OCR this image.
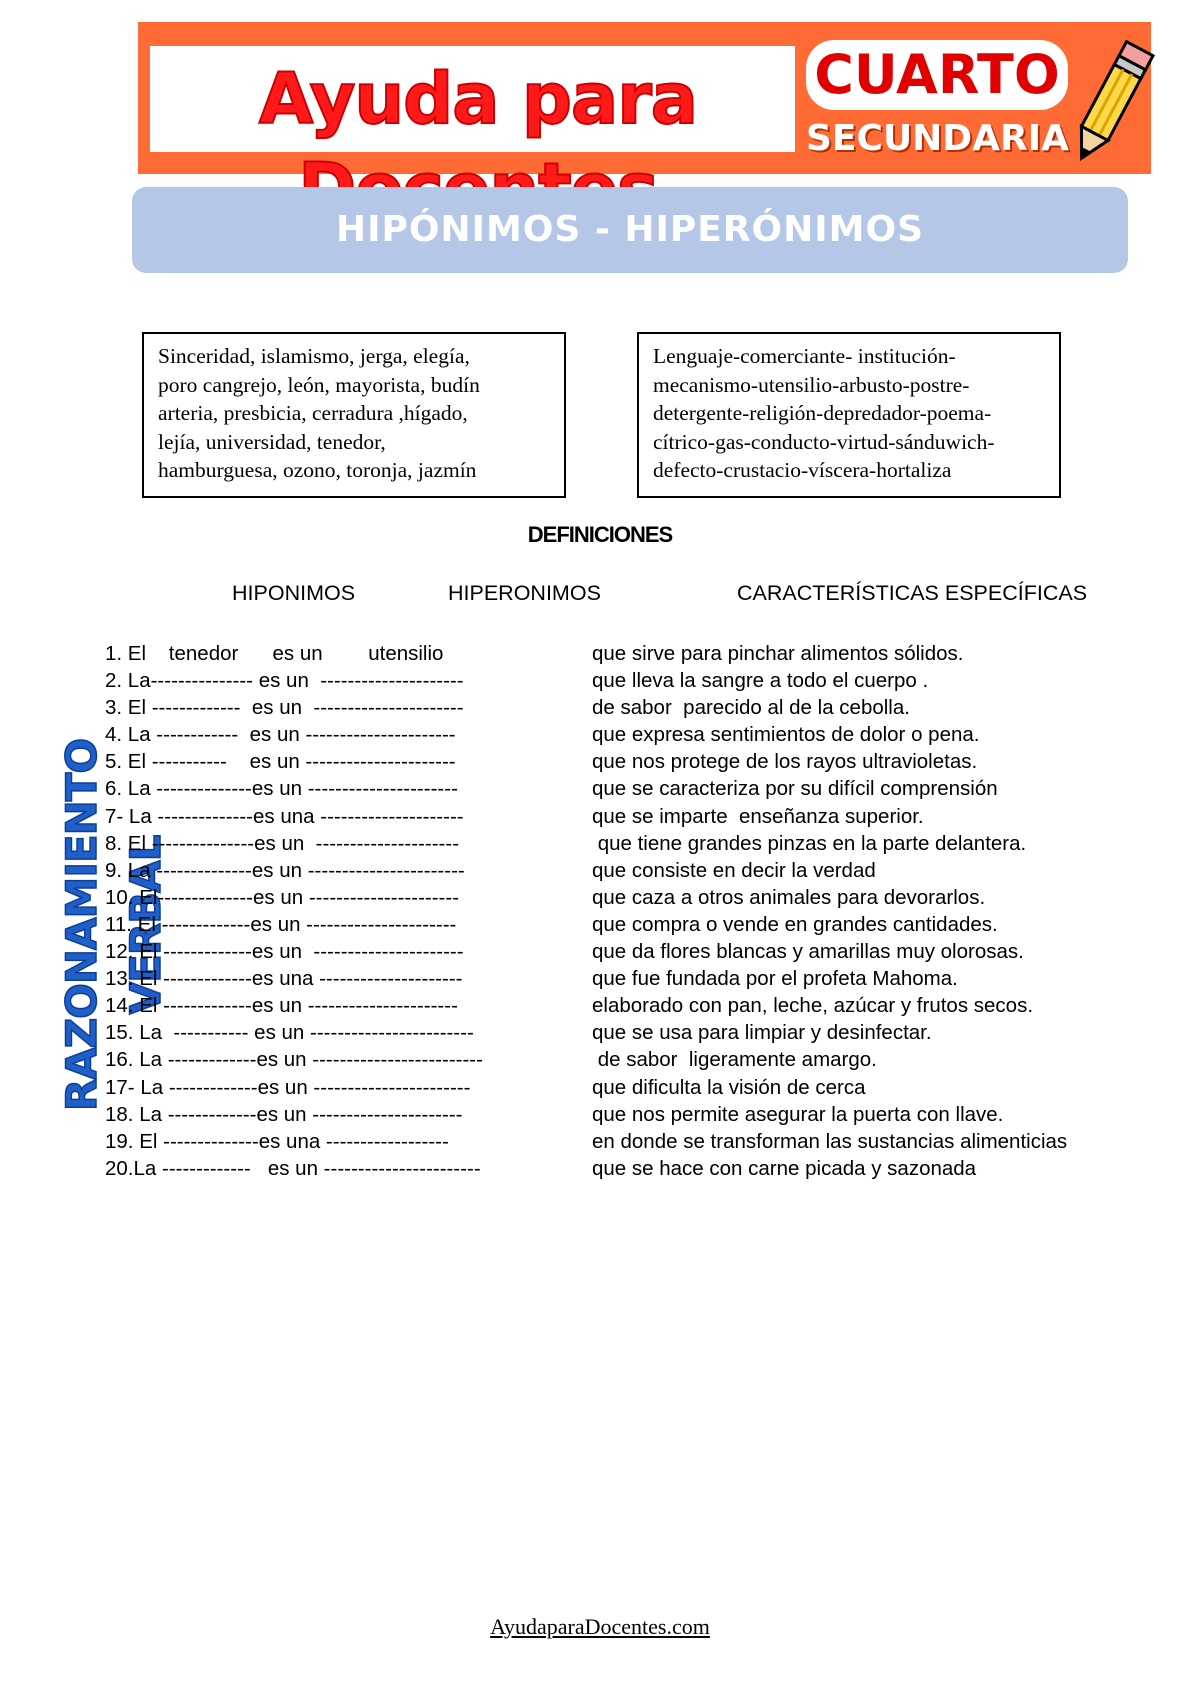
Ayuda para	CUARTO
SECUNDARIA
RAZONAMIENTO VERBAL
HIPÓNIMOS - HIPERÓNIMOS
Sinceridad, islamismo, jerga, elegía,
poro cangrejo, león, mayorista, budín
arteria, presbicia, cerradura ,hígado,
lejía, universidad, tenedor,
hamburguesa, ozono, toronja, jazmín
Lenguaje-comerciante- institución-
mecanismo-utensilio-arbusto-postre-
detergente-religión-depredador-poema-
cítrico-gas-conducto-virtud-sánduwich-
defecto-crustacio-víscera-hortaliza
DEFINICIONES
HIPONIMOS	HIPERONIMOS	CARACTERÍSTICAS ESPECÍFICAS
1. El    tenedor      es un        utensilio	que sirve para pinchar alimentos sólidos.
2. La--------------- es un  ---------------------	que lleva la sangre a todo el cuerpo .
3. El -------------  es un  ----------------------	de sabor  parecido al de la cebolla.
4. La ------------  es un ----------------------	que expresa sentimientos de dolor o pena.
5. El -----------    es un ----------------------	que nos protege de los rayos ultravioletas.
6. La --------------es un ----------------------	que se caracteriza por su difícil comprensión
7- La --------------es una ---------------------	que se imparte  enseñanza superior.
8. El ---------------es un  ---------------------	que tiene grandes pinzas en la parte delantera.
9. La --------------es un -----------------------	que consiste en decir la verdad
10. El--------------es un ----------------------	que caza a otros animales para devorarlos.
11. El -------------es un ----------------------	que compra o vende en grandes cantidades.
12. El -------------es un  ----------------------	que da flores blancas y amarillas muy olorosas.
13. El -------------es una ---------------------	que fue fundada por el profeta Mahoma.
14. El -------------es un ----------------------	elaborado con pan, leche, azúcar y frutos secos.
15. La  ----------- es un ------------------------	que se usa para limpiar y desinfectar.
16. La -------------es un -------------------------	de sabor  ligeramente amargo.
17- La -------------es un -----------------------	que dificulta la visión de cerca
18. La -------------es un ----------------------	que nos permite asegurar la puerta con llave.
19. El --------------es una ------------------	en donde se transforman las sustancias alimenticias
20.La -------------   es un -----------------------	que se hace con carne picada y sazonada
AyudaparaDocentes.com
